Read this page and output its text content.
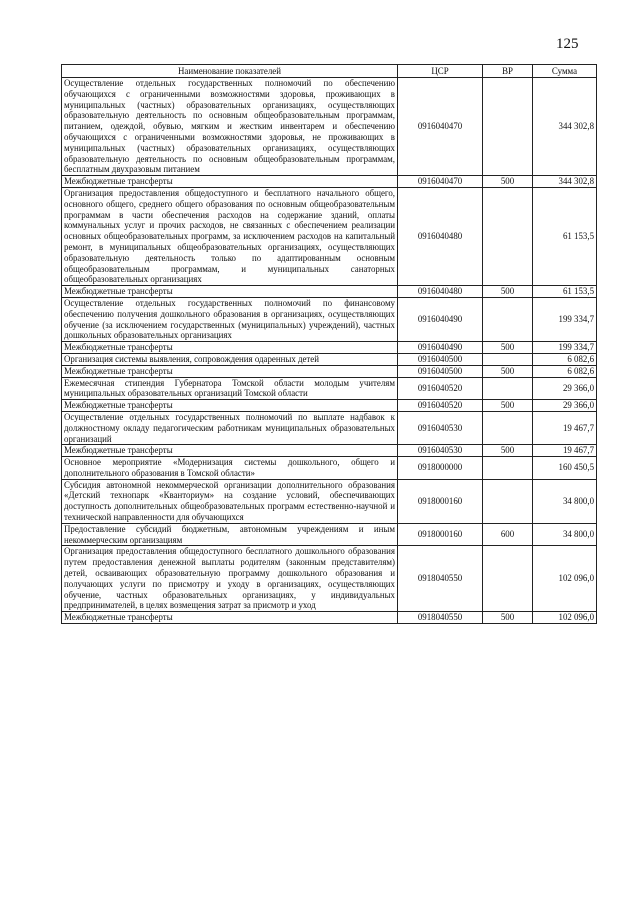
125
Наименование показателей	ЦСР	ВР	Сумма
Осуществление отдельных государственных полномочий по обеспечению обучающихся с ограниченными возможностями здоровья, проживающих в муниципальных (частных) образовательных организациях, осуществляющих образовательную деятельность по основным общеобразовательным программам, питанием, одеждой, обувью, мягким и жестким инвентарем и обеспечению обучающихся с ограниченными возможностями здоровья, не проживающих в муниципальных (частных) образовательных организациях, осуществляющих образовательную деятельность по основным общеобразовательным программам, бесплатным двухразовым питанием	0916040470		344 302,8
Межбюджетные трансферты	0916040470	500	344 302,8
Организация предоставления общедоступного и бесплатного начального общего, основного общего, среднего общего образования по основным общеобразовательным программам в части обеспечения расходов на содержание зданий, оплаты коммунальных услуг и прочих расходов, не связанных с обеспечением реализации основных общеобразовательных программ, за исключением расходов на капитальный ремонт, в муниципальных общеобразовательных организациях, осуществляющих образовательную деятельность только по адаптированным основным общеобразовательным программам, и муниципальных санаторных общеобразовательных организациях	0916040480		61 153,5
Межбюджетные трансферты	0916040480	500	61 153,5
Осуществление отдельных государственных полномочий по финансовому обеспечению получения дошкольного образования в организациях, осуществляющих обучение (за исключением государственных (муниципальных) учреждений), частных дошкольных образовательных организациях	0916040490		199 334,7
Межбюджетные трансферты	0916040490	500	199 334,7
Организация системы выявления, сопровождения одаренных детей	0916040500		6 082,6
Межбюджетные трансферты	0916040500	500	6 082,6
Ежемесячная стипендия Губернатора Томской области молодым учителям муниципальных образовательных организаций Томской области	0916040520		29 366,0
Межбюджетные трансферты	0916040520	500	29 366,0
Осуществление отдельных государственных полномочий по выплате надбавок к должностному окладу педагогическим работникам муниципальных образовательных организаций	0916040530		19 467,7
Межбюджетные трансферты	0916040530	500	19 467,7
Основное мероприятие «Модернизация системы дошкольного, общего и дополнительного образования в Томской области»	0918000000		160 450,5
Субсидия автономной некоммерческой организации дополнительного образования «Детский технопарк «Кванториум» на создание условий, обеспечивающих доступность дополнительных общеобразовательных программ естественно-научной и технической направленности для обучающихся	0918000160		34 800,0
Предоставление субсидий бюджетным, автономным учреждениям и иным некоммерческим организациям	0918000160	600	34 800,0
Организация предоставления общедоступного бесплатного дошкольного образования путем предоставления денежной выплаты родителям (законным представителям) детей, осваивающих образовательную программу дошкольного образования и получающих услуги по присмотру и уходу в организациях, осуществляющих обучение, частных образовательных организациях, у индивидуальных предпринимателей, в целях возмещения затрат за присмотр и уход	0918040550		102 096,0
Межбюджетные трансферты	0918040550	500	102 096,0
